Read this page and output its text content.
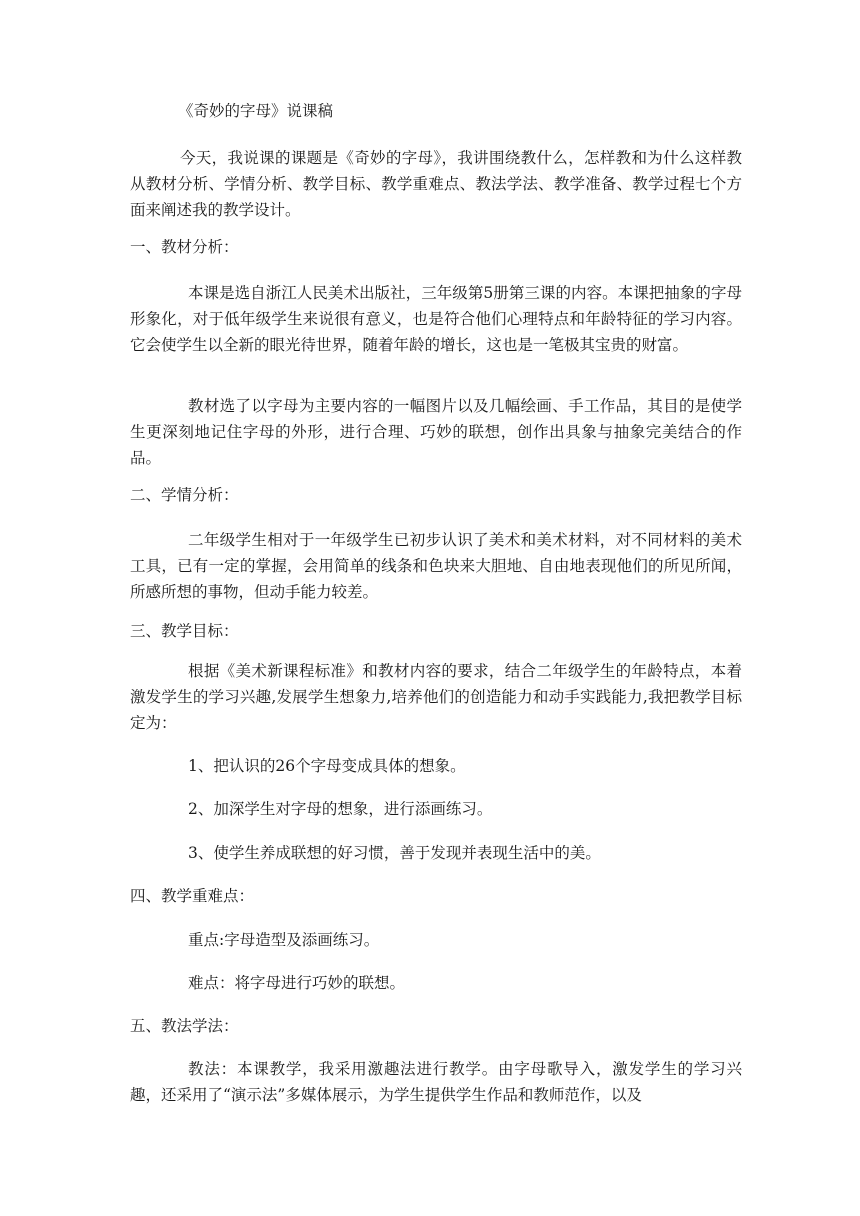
《奇妙的字母》说课稿
今天，我说课的课题是《奇妙的字母》，我讲围绕教什么，怎样教和为什么这样教从教材分析、学情分析、教学目标、教学重难点、教法学法、教学准备、教学过程七个方面来阐述我的教学设计。
一、教材分析：
本课是选自浙江人民美术出版社，三年级第5册第三课的内容。本课把抽象的字母形象化，对于低年级学生来说很有意义，也是符合他们心理特点和年龄特征的学习内容。它会使学生以全新的眼光待世界，随着年龄的增长，这也是一笔极其宝贵的财富。
教材选了以字母为主要内容的一幅图片以及几幅绘画、手工作品，其目的是使学生更深刻地记住字母的外形，进行合理、巧妙的联想，创作出具象与抽象完美结合的作品。
二、学情分析：
二年级学生相对于一年级学生已初步认识了美术和美术材料，对不同材料的美术工具，已有一定的掌握，会用简单的线条和色块来大胆地、自由地表现他们的所见所闻，所感所想的事物，但动手能力较差。
三、教学目标：
根据《美术新课程标准》和教材内容的要求，结合二年级学生的年龄特点，本着激发学生的学习兴趣,发展学生想象力,培养他们的创造能力和动手实践能力,我把教学目标定为：
1、把认识的26个字母变成具体的想象。
2、加深学生对字母的想象，进行添画练习。
3、使学生养成联想的好习惯，善于发现并表现生活中的美。
四、教学重难点：
重点:字母造型及添画练习。
难点：将字母进行巧妙的联想。
五、教法学法：
教法：本课教学，我采用激趣法进行教学。由字母歌导入，激发学生的学习兴趣，还采用了“演示法”多媒体展示，为学生提供学生作品和教师范作，以及
